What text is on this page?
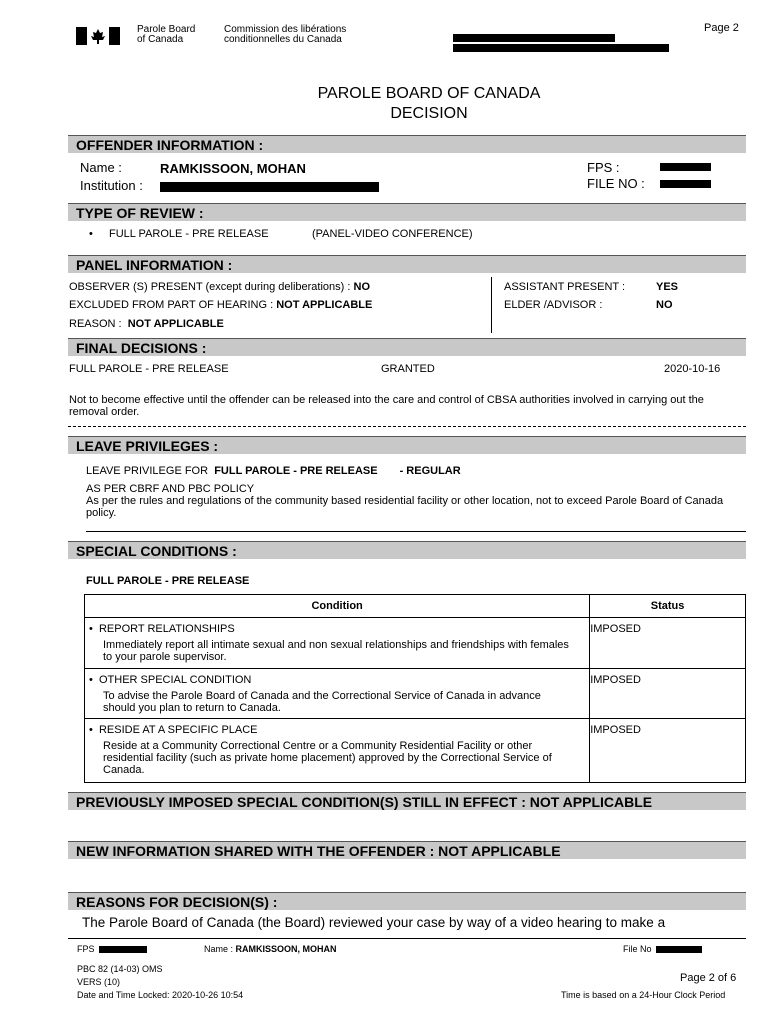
Parole Board
of Canada
Commission des libérations
conditionnelles du Canada
Page 2
PAROLE BOARD OF CANADA
DECISION
OFFENDER INFORMATION :
Name :	RAMKISSOON, MOHAN
Institution :
FPS :
FILE NO :
TYPE OF REVIEW :
• FULL PAROLE - PRE RELEASE	(PANEL-VIDEO CONFERENCE)
PANEL INFORMATION :
OBSERVER (S) PRESENT (except during deliberations) : NO
EXCLUDED FROM PART OF HEARING : NOT APPLICABLE
REASON : NOT APPLICABLE
ASSISTANT PRESENT :	YES
ELDER /ADVISOR :	NO
FINAL DECISIONS :
FULL PAROLE - PRE RELEASE	GRANTED	2020-10-16
Not to become effective until the offender can be released into the care and control of CBSA authorities involved in carrying out the removal order.
LEAVE PRIVILEGES :
LEAVE PRIVILEGE FOR FULL PAROLE - PRE RELEASE - REGULAR
AS PER CBRF AND PBC POLICY
As per the rules and regulations of the community based residential facility or other location, not to exceed Parole Board of Canada policy.
SPECIAL CONDITIONS :
FULL PAROLE - PRE RELEASE
Condition	Status

• REPORT RELATIONSHIPS
Immediately report all intimate sexual and non sexual relationships and friendships with females to your parole supervisor.	IMPOSED

• OTHER SPECIAL CONDITION
To advise the Parole Board of Canada and the Correctional Service of Canada in advance should you plan to return to Canada.	IMPOSED

• RESIDE AT A SPECIFIC PLACE
Reside at a Community Correctional Centre or a Community Residential Facility or other residential facility (such as private home placement) approved by the Correctional Service of Canada.	IMPOSED
PREVIOUSLY IMPOSED SPECIAL CONDITION(S) STILL IN EFFECT : NOT APPLICABLE
NEW INFORMATION SHARED WITH THE OFFENDER : NOT APPLICABLE
REASONS FOR DECISION(S) :
The Parole Board of Canada (the Board) reviewed your case by way of a video hearing to make a
FPS	Name : RAMKISSOON, MOHAN	File No
PBC 82 (14-03) OMS
VERS (10)
Date and Time Locked: 2020-10-26 10:54
Page 2 of 6
Time is based on a 24-Hour Clock Period
